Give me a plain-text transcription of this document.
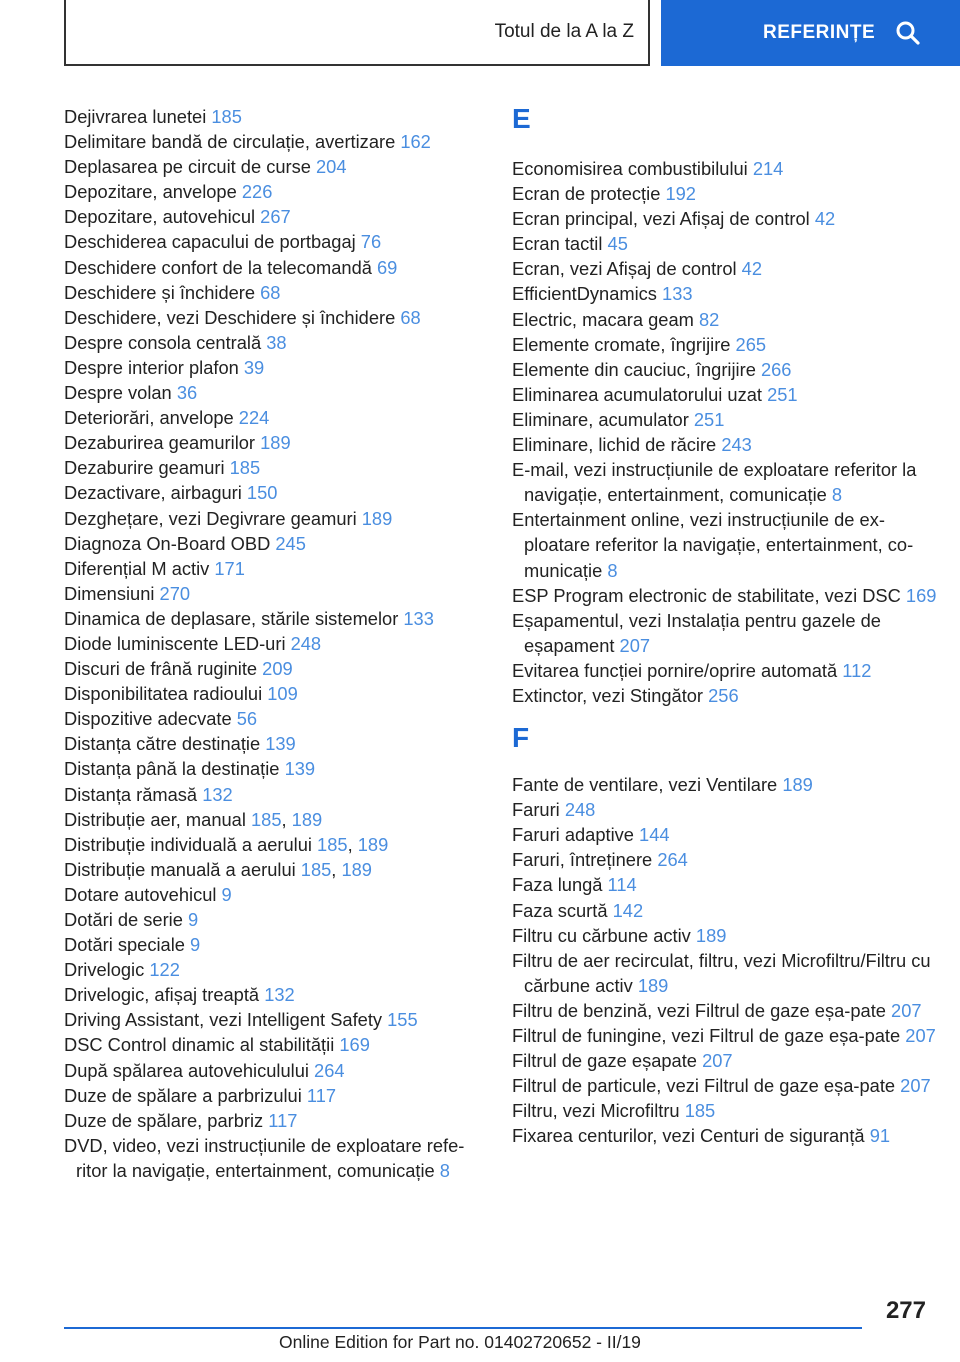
Totul de la A la Z	REFERINȚE
Dejivrarea lunetei 185
Delimitare bandă de circulație, avertizare 162
Deplasarea pe circuit de curse 204
Depozitare, anvelope 226
Depozitare, autovehicul 267
Deschiderea capacului de portbagaj 76
Deschidere confort de la telecomandă 69
Deschidere și închidere 68
Deschidere, vezi Deschidere și închidere 68
Despre consola centrală 38
Despre interior plafon 39
Despre volan 36
Deteriorări, anvelope 224
Dezaburirea geamurilor 189
Dezaburire geamuri 185
Dezactivare, airbaguri 150
Dezghețare, vezi Degivrare geamuri 189
Diagnoza On-Board OBD 245
Diferențial M activ 171
Dimensiuni 270
Dinamica de deplasare, stările sistemelor 133
Diode luminiscente LED-uri 248
Discuri de frână ruginite 209
Disponibilitatea radioului 109
Dispozitive adecvate 56
Distanța către destinație 139
Distanța până la destinație 139
Distanța rămasă 132
Distribuție aer, manual 185, 189
Distribuție individuală a aerului 185, 189
Distribuție manuală a aerului 185, 189
Dotare autovehicul 9
Dotări de serie 9
Dotări speciale 9
Drivelogic 122
Drivelogic, afișaj treaptă 132
Driving Assistant, vezi Intelligent Safety 155
DSC Control dinamic al stabilității 169
După spălarea autovehiculului 264
Duze de spălare a parbrizului 117
Duze de spălare, parbriz 117
DVD, video, vezi instrucțiunile de exploatare refe‐ritor la navigație, entertainment, comunicație 8
E
Economisirea combustibilului 214
Ecran de protecție 192
Ecran principal, vezi Afișaj de control 42
Ecran tactil 45
Ecran, vezi Afișaj de control 42
EfficientDynamics 133
Electric, macara geam 82
Elemente cromate, îngrijire 265
Elemente din cauciuc, îngrijire 266
Eliminarea acumulatorului uzat 251
Eliminare, acumulator 251
Eliminare, lichid de răcire 243
E-mail, vezi instrucțiunile de exploatare referitor la navigație, entertainment, comunicație 8
Entertainment online, vezi instrucțiunile de ex‐ploatare referitor la navigație, entertainment, co‐municație 8
ESP Program electronic de stabilitate, vezi DSC 169
Eșapamentul, vezi Instalația pentru gazele de eșapament 207
Evitarea funcției pornire/oprire automată 112
Extinctor, vezi Stingător 256
F
Fante de ventilare, vezi Ventilare 189
Faruri 248
Faruri adaptive 144
Faruri, întreținere 264
Faza lungă 114
Faza scurtă 142
Filtru cu cărbune activ 189
Filtru de aer recirculat, filtru, vezi Microfiltru/Filtru cu cărbune activ 189
Filtru de benzină, vezi Filtrul de gaze eșa‐pate 207
Filtrul de funingine, vezi Filtrul de gaze eșa‐pate 207
Filtrul de gaze eșapate 207
Filtrul de particule, vezi Filtrul de gaze eșa‐pate 207
Filtru, vezi Microfiltru 185
Fixarea centurilor, vezi Centuri de siguranță 91
277
Online Edition for Part no. 01402720652 - II/19
